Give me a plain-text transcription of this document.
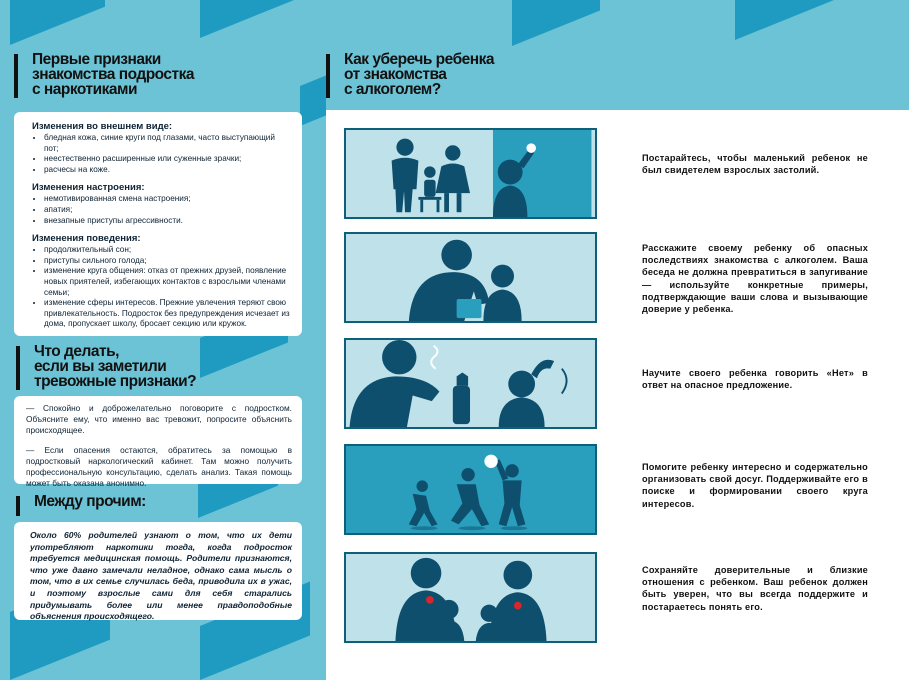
Первые признаки
знакомства подростка
с наркотиками
Изменения во внешнем виде:
• бледная кожа, синие круги под глазами, часто выступающий пот;
• неестественно расширенные или суженные зрачки;
• расчесы на коже.
Изменения настроения:
• немотивированная смена настроения;
• апатия;
• внезапные приступы агрессивности.
Изменения поведения:
• продолжительный сон;
• приступы сильного голода;
• изменение круга общения: отказ от прежних друзей, появление новых приятелей, избегающих контактов с взрослыми членами семьи;
• изменение сферы интересов. Прежние увлечения теряют свою привлекательность. Подросток без предупреждения исчезает из дома, пропускает школу, бросает секцию или кружок.
Что делать,
если вы заметили
тревожные признаки?

— Спокойно и доброжелательно поговорите с подростком. Объясните ему, что именно вас тревожит, попросите объяснить происходящее.

— Если опасения остаются, обратитесь за помощью в подростковый наркологический кабинет. Там можно получить профессиональную консультацию, сделать анализ. Такая помощь может быть оказана анонимно.

Между прочим:

Около 60% родителей узнают о том, что их дети употребляют наркотики тогда, когда подросток требуется медицинская помощь. Родители признаются, что уже давно замечали неладное, однако сама мысль о том, что в их семье случилась беда, приводила их в ужас, и поэтому взрослые сами для себя старались придумывать более или менее правдоподобные объяснения происходящего.

Как уберечь ребенка
от знакомства
с алкоголем?
Постарайтесь, чтобы маленький ребенок не был свидетелем взрослых застолий.
Расскажите своему ребенку об опасных последствиях знакомства с алкоголем. Ваша беседа не должна превратиться в запугивание — используйте конкретные примеры, подтверждающие ваши слова и вызывающие доверие у ребенка.
Научите своего ребенка говорить «Нет» в ответ на опасное предложение.
Помогите ребенку интересно и содержательно организовать свой досуг. Поддерживайте его в поиске и формировании своего круга интересов.
Сохраняйте доверительные и близкие отношения с ребенком. Ваш ребенок должен быть уверен, что вы всегда поддержите и постараетесь понять его.
